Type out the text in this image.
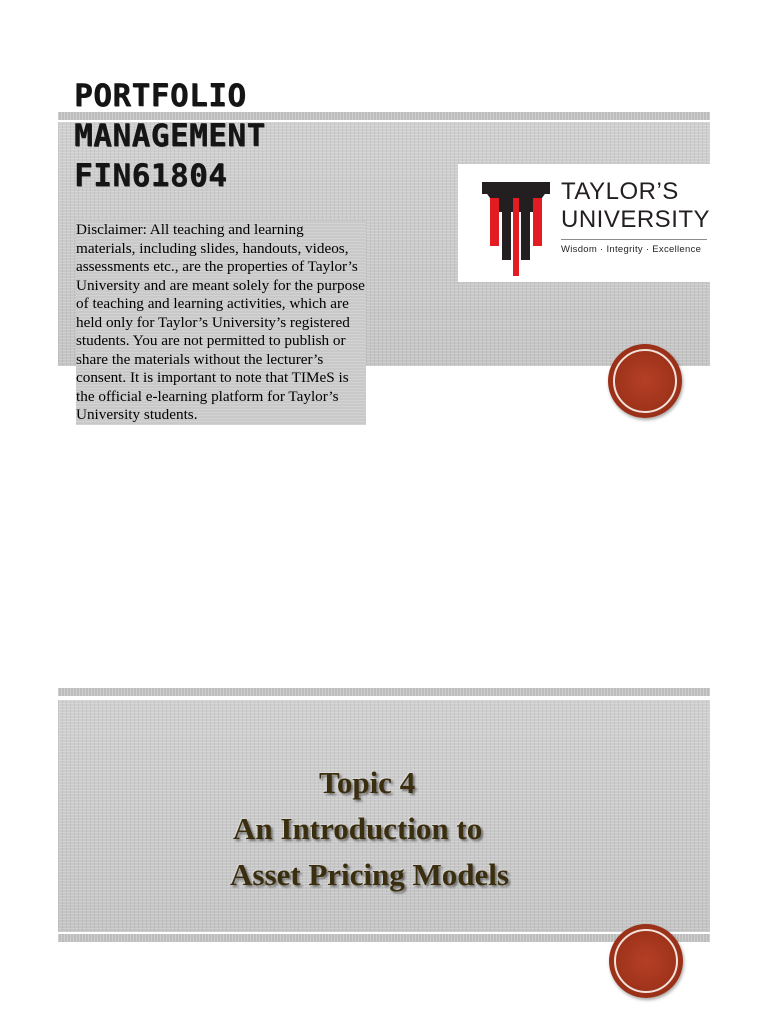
PORTFOLIO
MANAGEMENT
FIN61804
Disclaimer: All teaching and learning materials, including slides, handouts, videos, assessments etc., are the properties of Taylor’s University and are meant solely for the purpose of teaching and learning activities, which are held only for Taylor’s University’s registered students. You are not permitted to publish or share the materials without the lecturer’s consent. It is important to note that TIMeS is the official e-learning platform for Taylor’s University students.
TAYLOR’S
UNIVERSITY
Wisdom · Integrity · Excellence
Topic 4
An Introduction to
Asset Pricing Models
